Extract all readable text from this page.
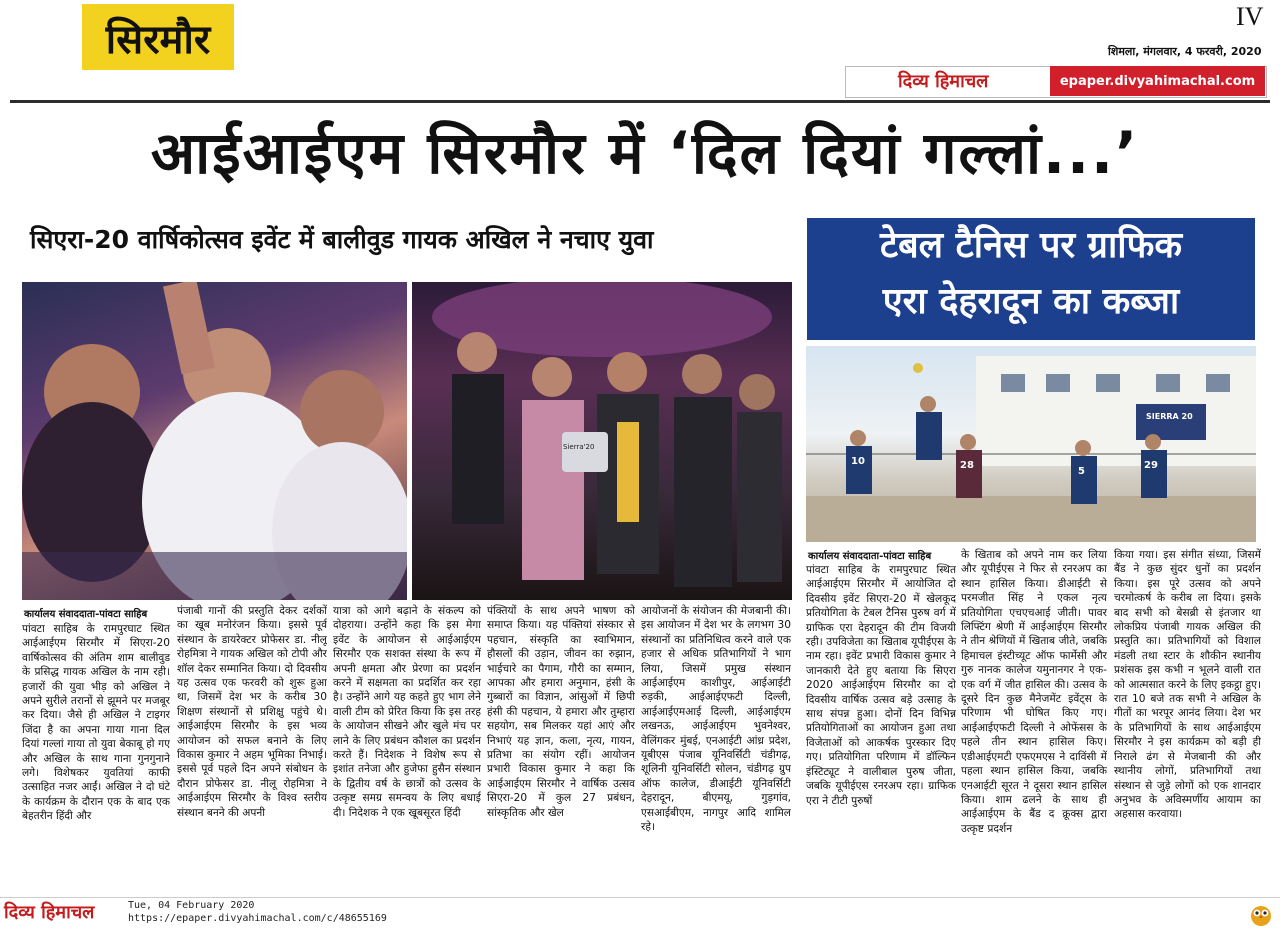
सिरमौर	IV
शिमला, मंगलवार, 4 फरवरी, 2020
दिव्य हिमाचल	epaper.divyahimachal.com
आईआईएम सिरमौर में ‘दिल दियां गल्लां...’
सिएरा-20 वार्षिकोत्सव इवेंट में बालीवुड गायक अखिल ने नचाए युवा	टेबल टैनिस पर ग्राफिक
एरा देहरादून का कब्जा
Sierra'20
SIERRA 20
10	28
5
29
कार्यालय संवाददाता-पांवटा साहिब
पांवटा साहिब के रामपुरघाट स्थित आईआईएम सिरमौर में सिएरा-20 वार्षिकोत्सव की अंतिम शाम बालीवुड के प्रसिद्ध गायक अखिल के नाम रही। हजारों की युवा भीड़ को अखिल ने अपने सुरीले तरानों से झूमने पर मजबूर कर दिया। जैसे ही अखिल ने टाइगर जिंदा है का अपना गाया गाना दिल दियां गल्लां गाया तो युवा बेकाबू हो गए और अखिल के साथ गाना गुनगुनाने लगे। विशेषकर युवतियां काफी उत्साहित नजर आईं। अखिल ने दो घंटे के कार्यक्रम के दौरान एक के बाद एक बेहतरीन हिंदी और
पंजाबी गानों की प्रस्तुति देकर दर्शकों का खूब मनोरंजन किया। इससे पूर्व संस्थान के डायरेक्टर प्रोफेसर डा. नीलू रोहमित्रा ने गायक अखिल को टोपी और शॉल देकर सम्मानित किया। दो दिवसीय यह उत्सव एक फरवरी को शुरू हुआ था, जिसमें देश भर के करीब 30 शिक्षण संस्थानों से प्रशिक्षु पहुंचे थे। आईआईएम सिरमौर के इस भव्य आयोजन को सफल बनाने के लिए विकास कुमार ने अहम भूमिका निभाई। इससे पूर्व पहले दिन अपने संबोधन के दौरान प्रोफेसर डा. नीलू रोहमित्रा ने आईआईएम सिरमौर के विश्व स्तरीय संस्थान बनने की अपनी
यात्रा को आगे बढ़ाने के संकल्प को दोहराया। उन्होंने कहा कि इस मेगा इवेंट के आयोजन से आईआईएम सिरमौर एक सशक्त संस्था के रूप में अपनी क्षमता और प्रेरणा का प्रदर्शन करने में सक्षमता का प्रदर्शित कर रहा है। उन्होंने आगे यह कहते हुए भाग लेने वाली टीम को प्रेरित किया कि इस तरह के आयोजन सीखने और खुले मंच पर लाने के लिए प्रबंधन कौशल का प्रदर्शन करते हैं। निदेशक ने विशेष रूप से इशांत तनेजा और हुजेफा हुसैन संस्थान के द्वितीय वर्ष के छात्रों को उत्सव के उत्कृष्ट समग्र समन्वय के लिए बधाई दी। निदेशक ने एक खूबसूरत हिंदी
पंक्तियों के साथ अपने भाषण को समाप्त किया। यह पंक्तियां संस्कार से पहचान, संस्कृति का स्वाभिमान, हौसलों की उड़ान, जीवन का रुझान, भाईचारे का पैगाम, गौरी का सम्मान, आपका और हमारा अनुमान, हंसी के गुब्बारों का विज्ञान, आंसुओं में छिपी हंसी की पहचान, ये हमारा और तुम्हारा सहयोग, सब मिलकर यहां आएं और निभाएं यह ज्ञान, कला, नृत्य, गायन, प्रतिभा का संयोग रहीं। आयोजन प्रभारी विकास कुमार ने कहा कि आईआईएम सिरमौर ने वार्षिक उत्सव सिएरा-20 में कुल 27 प्रबंधन, सांस्कृतिक और खेल
आयोजनों के संयोजन की मेजबानी की। इस आयोजन में देश भर के लगभग 30 संस्थानों का प्रतिनिधित्व करने वाले एक हजार से अधिक प्रतिभागियों ने भाग लिया, जिसमें प्रमुख संस्थान आईआईएम काशीपुर, आईआईटी रुड़की, आईआईएफटी दिल्ली, आईआईएमआई दिल्ली, आईआईएम लखनऊ, आईआईएम भुवनेश्वर, वेलिंगकर मुंबई, एनआईटी आंध्र प्रदेश, यूबीएस पंजाब यूनिवर्सिटी चंडीगढ़, शूलिनी यूनिवर्सिटी सोलन, चंडीगढ़ ग्रुप ऑफ कालेज, डीआईटी यूनिवर्सिटी देहरादून, बीएमयू, गुड़गांव, एसआईबीएम, नागपुर आदि शामिल रहे।
कार्यालय संवाददाता-पांवटा साहिब
पांवटा साहिब के रामपुरघाट स्थित आईआईएम सिरमौर में आयोजित दो दिवसीय इवेंट सिएरा-20 में खेलकूद प्रतियोगिता के टेबल टैनिस पुरुष वर्ग में ग्राफिक एरा देहरादून की टीम विजयी रही। उपविजेता का खिताब यूपीईएस के नाम रहा। इवेंट प्रभारी विकास कुमार ने जानकारी देते हुए बताया कि सिएरा 2020 आईआईएम सिरमौर का दो दिवसीय वार्षिक उत्सव बड़े उत्साह के साथ संपन्न हुआ। दोनों दिन विभिन्न प्रतियोगिताओं का आयोजन हुआ तथा विजेताओं को आकर्षक पुरस्कार दिए गए। प्रतियोगिता परिणाम में डॉल्फिन इंस्टिट्यूट ने वालीबाल पुरुष जीता, जबकि यूपीईएस रनरअप रहा। ग्राफिक एरा ने टीटी पुरुषों
के खिताब को अपने नाम कर लिया और यूपीईएस ने फिर से रनरअप का स्थान हासिल किया। डीआईटी से परमजीत सिंह ने एकल नृत्य प्रतियोगिता एचएचआई जीती। पावर लिफ्टिंग श्रेणी में आईआईएम सिरमौर ने तीन श्रेणियों में खिताब जीते, जबकि हिमाचल इंस्टीच्यूट ऑफ फार्मेसी और गुरु नानक कालेज यमुनानगर ने एक-एक वर्ग में जीत हासिल की। उत्सव के दूसरे दिन कुछ मैनेजमेंट इवेंट्स के परिणाम भी घोषित किए गए। आईआईएफटी दिल्ली ने ओफेंसस के पहले तीन स्थान हासिल किए। एडीआईएमटी एफएमएस ने दाविंसी में पहला स्थान हासिल किया, जबकि एनआईटी सूरत ने दूसरा स्थान हासिल किया। शाम ढलने के साथ ही आईआईएम के बैंड द क्रूक्स द्वारा उत्कृष्ट प्रदर्शन
किया गया। इस संगीत संध्या, जिसमें बैंड ने कुछ सुंदर धुनों का प्रदर्शन किया। इस पूरे उत्सव को अपने चरमोत्कर्ष के करीब ला दिया। इसके बाद सभी को बेसब्री से इंतजार था लोकप्रिय पंजाबी गायक अखिल की प्रस्तुति का। प्रतिभागियों को विशाल मंडली तथा स्टार के शौकीन स्थानीय प्रशंसक इस कभी न भूलने वाली रात को आत्मसात करने के लिए इकट्ठा हुए। रात 10 बजे तक सभी ने अखिल के गीतों का भरपूर आनंद लिया। देश भर के प्रतिभागियों के साथ आईआईएम सिरमौर ने इस कार्यक्रम को बड़ी ही निराले ढंग से मेजबानी की और स्थानीय लोगों, प्रतिभागियों तथा संस्थान से जुड़े लोगों को एक शानदार अनुभव के अविस्मर्णीय आयाम का अहसास करवाया।
दिव्य हिमाचल	Tue, 04 February 2020
https://epaper.divyahimachal.com/c/48655169
